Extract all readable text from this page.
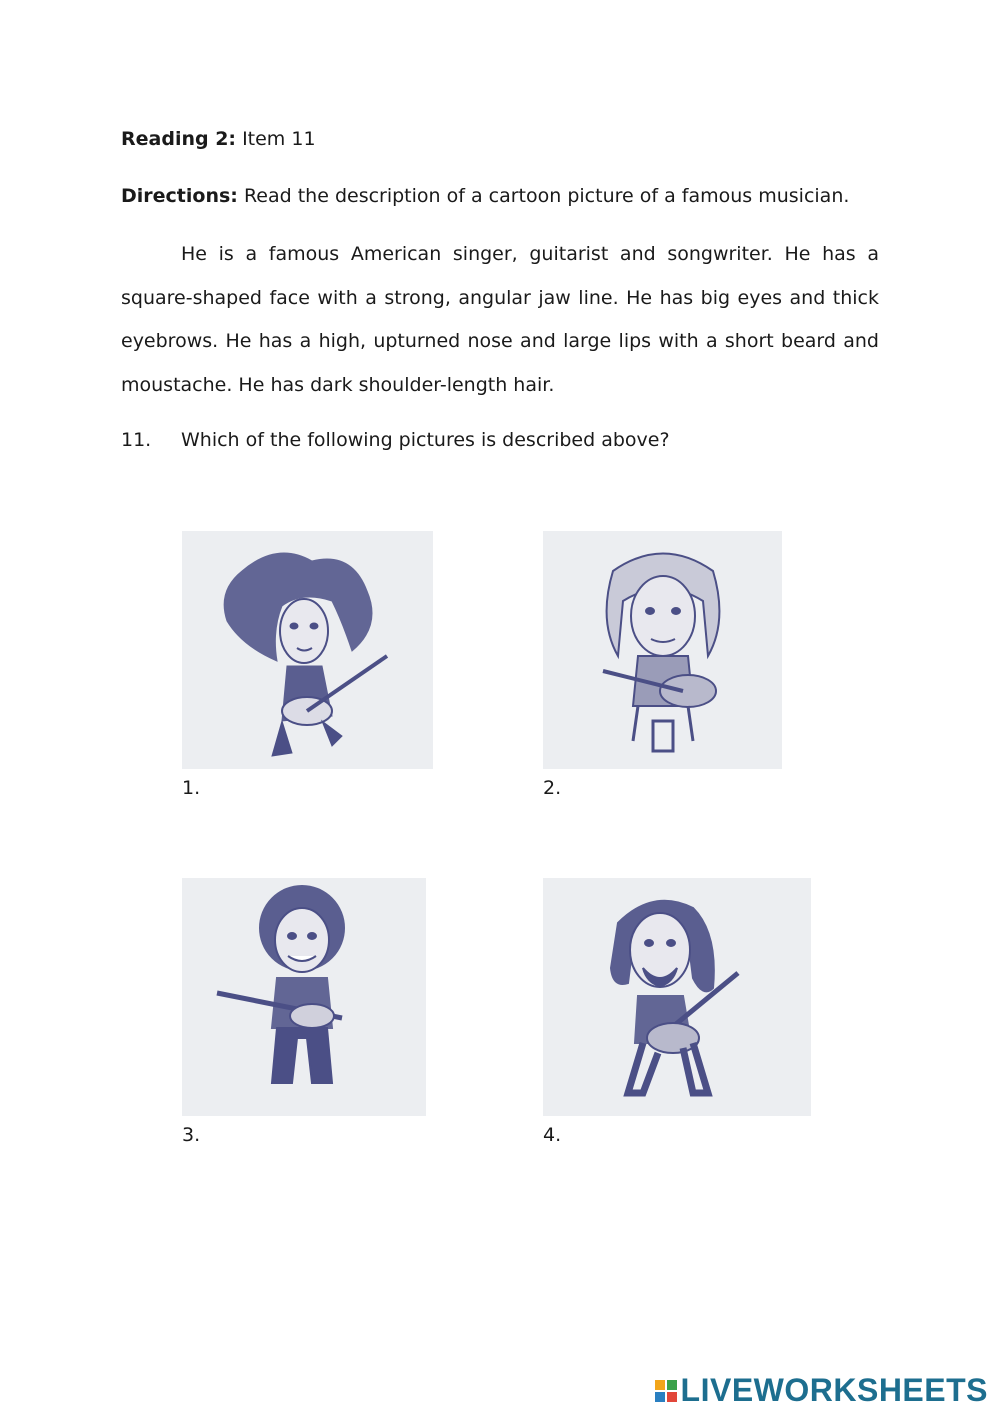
Reading 2: Item 11
Directions: Read the description of a cartoon picture of a famous musician.

He is a famous American singer, guitarist and songwriter. He has a square-shaped face with a strong, angular jaw line. He has big eyes and thick eyebrows. He has a high, upturned nose and large lips with a short beard and moustache. He has dark shoulder-length hair.

11. Which of the following pictures is described above?
1.	2.
3.	4.
LIVEWORKSHEETS
